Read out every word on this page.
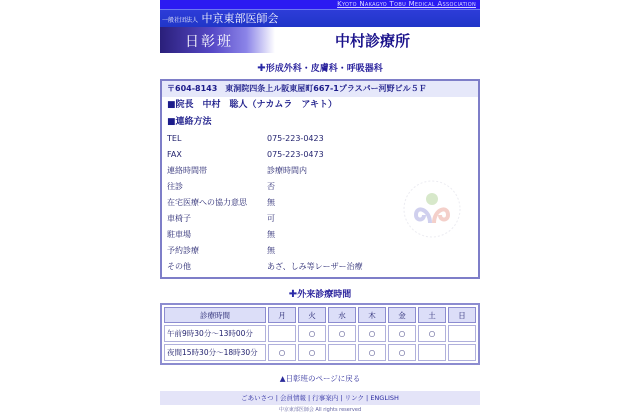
Kyoto Nakagyo Tobu Medical Association
一般社団法人 中京東部医師会
日彰班	中村診療所
✚形成外科・皮膚科・呼吸器科
〒604-8143　東洞院四条上ル阪東屋町667-1プラスパー河野ビル５Ｆ
■院長　中村　聡人（ナカムラ　アキト）
■連絡方法
TEL	075-223-0423
FAX	075-223-0473
連絡時間帯	診療時間内
往診	否
在宅医療への協力意思	無
車椅子	可
駐車場	無
予約診療	無
その他	あざ、しみ等レーザー治療
✚外来診療時間
診療時間	月	火	水	木	金	土	日
午前9時30分〜13時00分		○	○	○	○	○	
夜間15時30分〜18時30分	○	○		○	○		
▲日彰班のページに戻る
ごあいさつ | 会員情報 | 行事案内 | リンク | ENGLISH
中京東部医師会 All rights reserved
